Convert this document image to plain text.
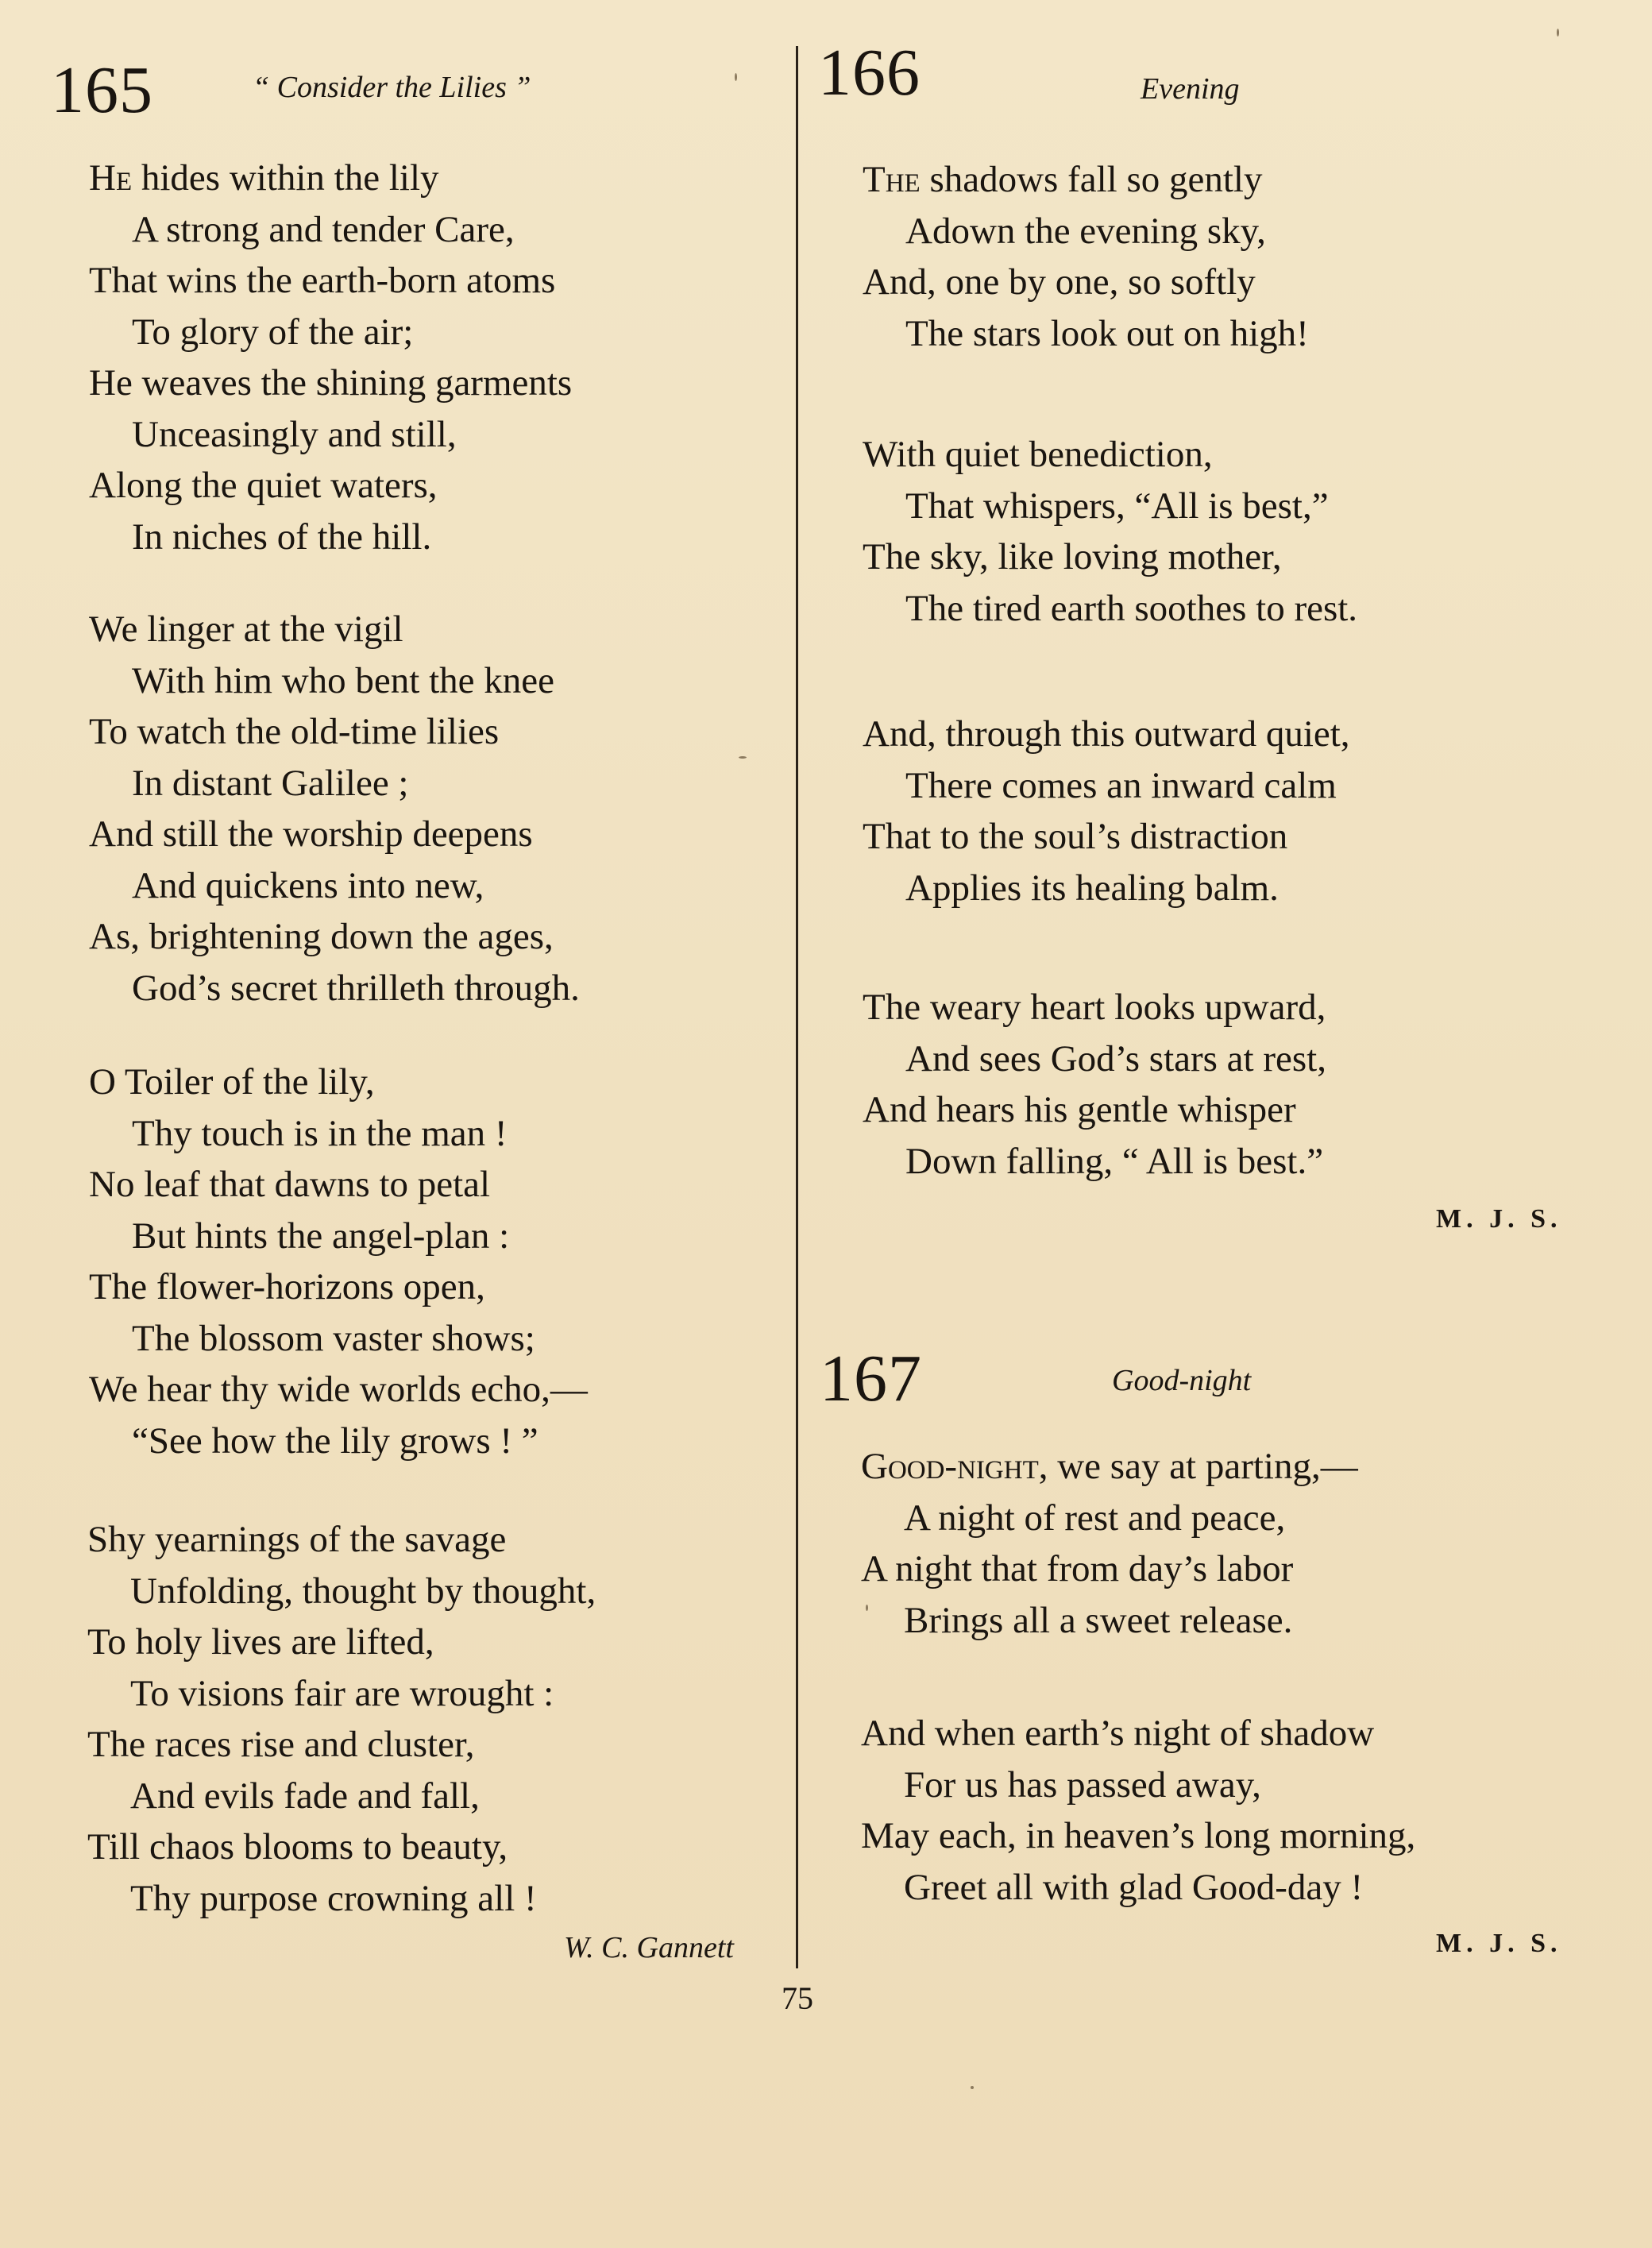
165	“ Consider the Lilies ”
He hides within the lily
A strong and tender Care,
That wins the earth-born atoms
To glory of the air;
He weaves the shining garments
Unceasingly and still,
Along the quiet waters,
In niches of the hill.
We linger at the vigil
With him who bent the knee
To watch the old-time lilies
In distant Galilee ;
And still the worship deepens
And quickens into new,
As, brightening down the ages,
God’s secret thrilleth through.
O Toiler of the lily,
Thy touch is in the man !
No leaf that dawns to petal
But hints the angel-plan :
The flower-horizons open,
The blossom vaster shows;
We hear thy wide worlds echo,—
“See how the lily grows ! ”
Shy yearnings of the savage
Unfolding, thought by thought,
To holy lives are lifted,
To visions fair are wrought :
The races rise and cluster,
And evils fade and fall,
Till chaos blooms to beauty,
Thy purpose crowning all !
W. C. Gannett
166	Evening
The shadows fall so gently
Adown the evening sky,
And, one by one, so softly
The stars look out on high!
With quiet benediction,
That whispers, “All is best,”
The sky, like loving mother,
The tired earth soothes to rest.
And, through this outward quiet,
There comes an inward calm
That to the soul’s distraction
Applies its healing balm.
The weary heart looks upward,
And sees God’s stars at rest,
And hears his gentle whisper
Down falling, “ All is best.”
M. J. S.
167	Good-night
Good-night, we say at parting,—
A night of rest and peace,
A night that from day’s labor
Brings all a sweet release.
And when earth’s night of shadow
For us has passed away,
May each, in heaven’s long morning,
Greet all with glad Good-day !
M. J. S.
75
